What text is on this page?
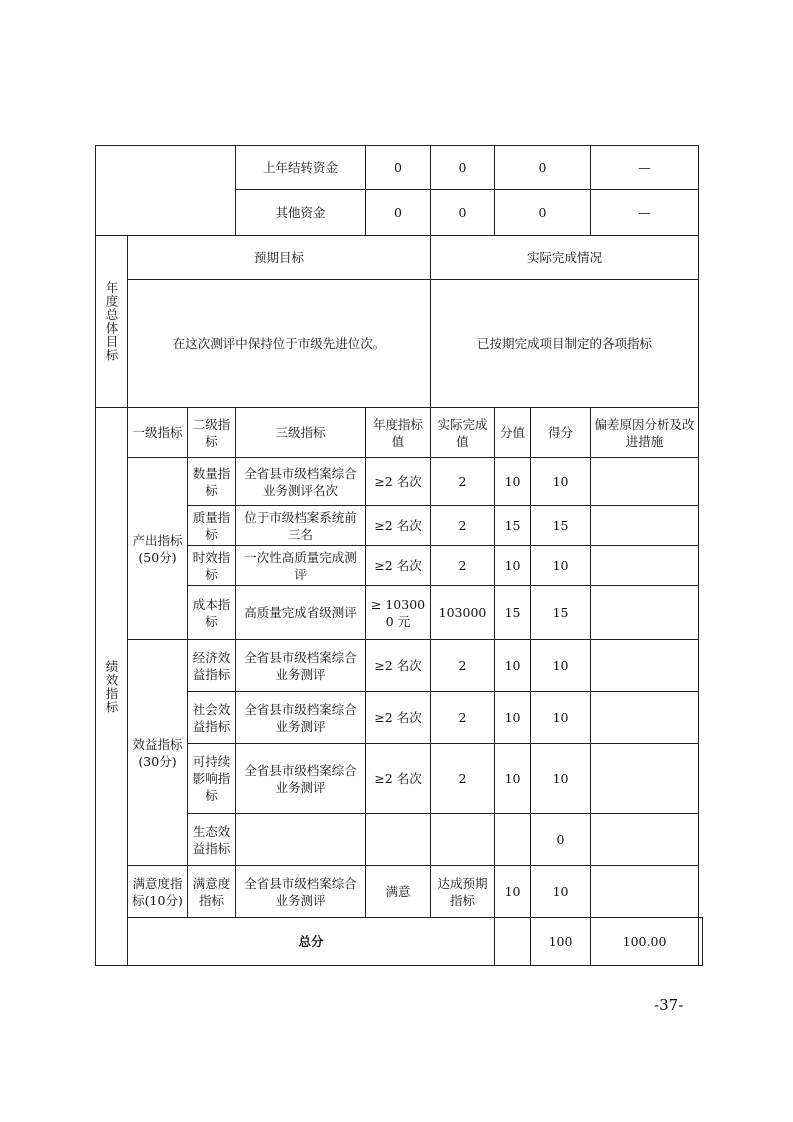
			上年结转资金	0	0	0		—	
			其他资金	0	0	0		—	
年度总体目标	预期目标				实际完成情况				
	在这次测评中保持位于市级先进位次。				已按期完成项目制定的各项指标				
绩效指标	一级指标	二级指标	三级指标	年度指标值	实际完成值	分值	得分	偏差原因分析及改进措施	
	产出指标(50分)	数量指标	全省县市级档案综合业务测评名次	≥2 名次	2	10	10		
		质量指标	位于市级档案系统前三名	≥2 名次	2	15	15		
		时效指标	一次性高质量完成测评	≥2 名次	2	10	10		
		成本指标	高质量完成省级测评	≥ 103000 元	103000	15	15		
	效益指标(30分)	经济效益指标	全省县市级档案综合业务测评	≥2 名次	2	10	10		
		社会效益指标	全省县市级档案综合业务测评	≥2 名次	2	10	10		
		可持续影响指标	全省县市级档案综合业务测评	≥2 名次	2	10	10		
		生态效益指标					0		
	满意度指标(10分)	满意度指标	全省县市级档案综合业务测评	满意	达成预期指标	10	10		
	总分						100	100.00	
-37-
